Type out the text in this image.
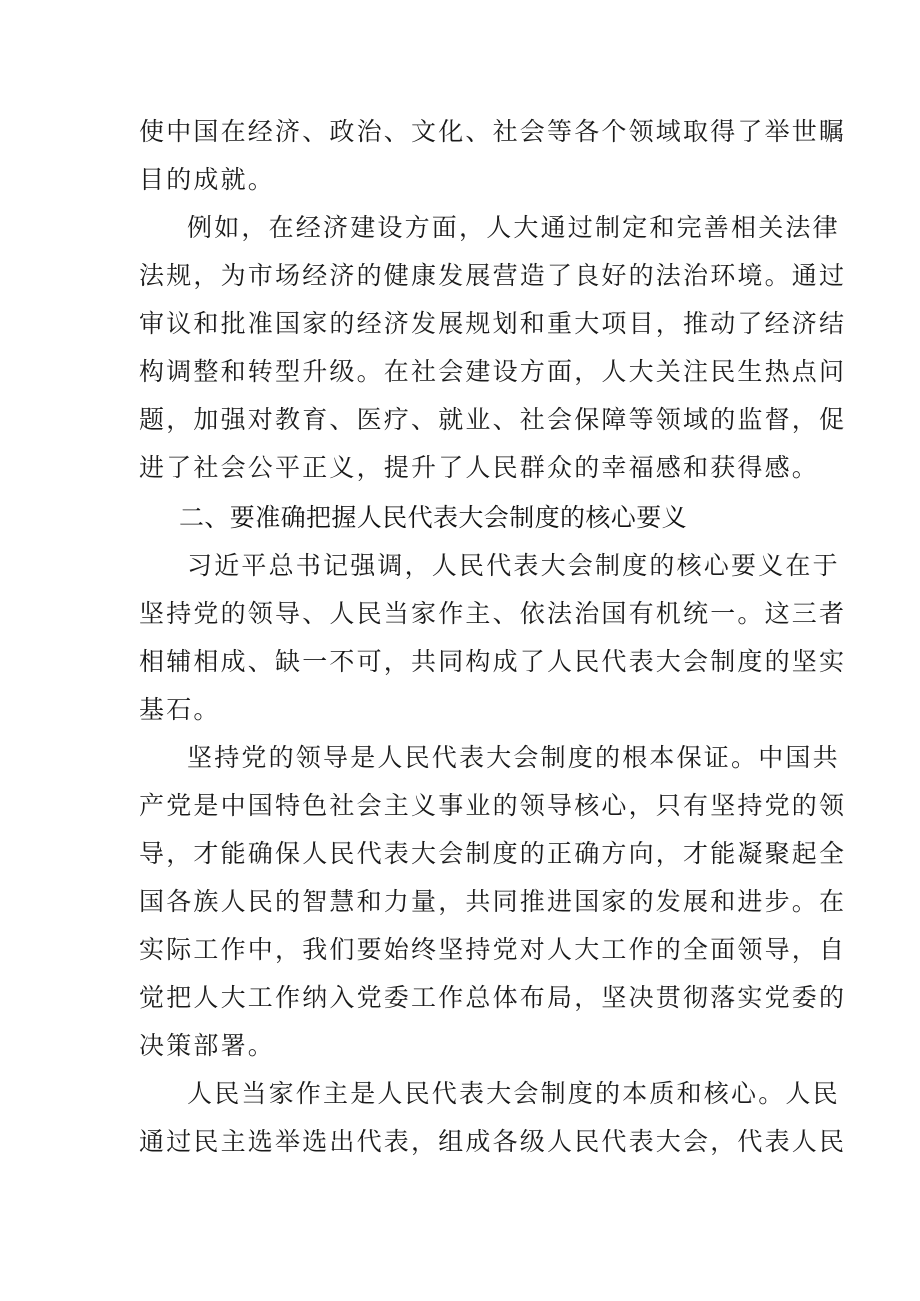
使中国在经济、政治、文化、社会等各个领域取得了举世瞩

目的成就。

例如，在经济建设方面，人大通过制定和完善相关法律

法规，为市场经济的健康发展营造了良好的法治环境。通过

审议和批准国家的经济发展规划和重大项目，推动了经济结

构调整和转型升级。在社会建设方面，人大关注民生热点问

题，加强对教育、医疗、就业、社会保障等领域的监督，促

进了社会公平正义，提升了人民群众的幸福感和获得感。

二、要准确把握人民代表大会制度的核心要义

习近平总书记强调，人民代表大会制度的核心要义在于

坚持党的领导、人民当家作主、依法治国有机统一。这三者

相辅相成、缺一不可，共同构成了人民代表大会制度的坚实

基石。

坚持党的领导是人民代表大会制度的根本保证。中国共

产党是中国特色社会主义事业的领导核心，只有坚持党的领

导，才能确保人民代表大会制度的正确方向，才能凝聚起全

国各族人民的智慧和力量，共同推进国家的发展和进步。在

实际工作中，我们要始终坚持党对人大工作的全面领导，自

觉把人大工作纳入党委工作总体布局，坚决贯彻落实党委的

决策部署。

人民当家作主是人民代表大会制度的本质和核心。人民

通过民主选举选出代表，组成各级人民代表大会，代表人民
